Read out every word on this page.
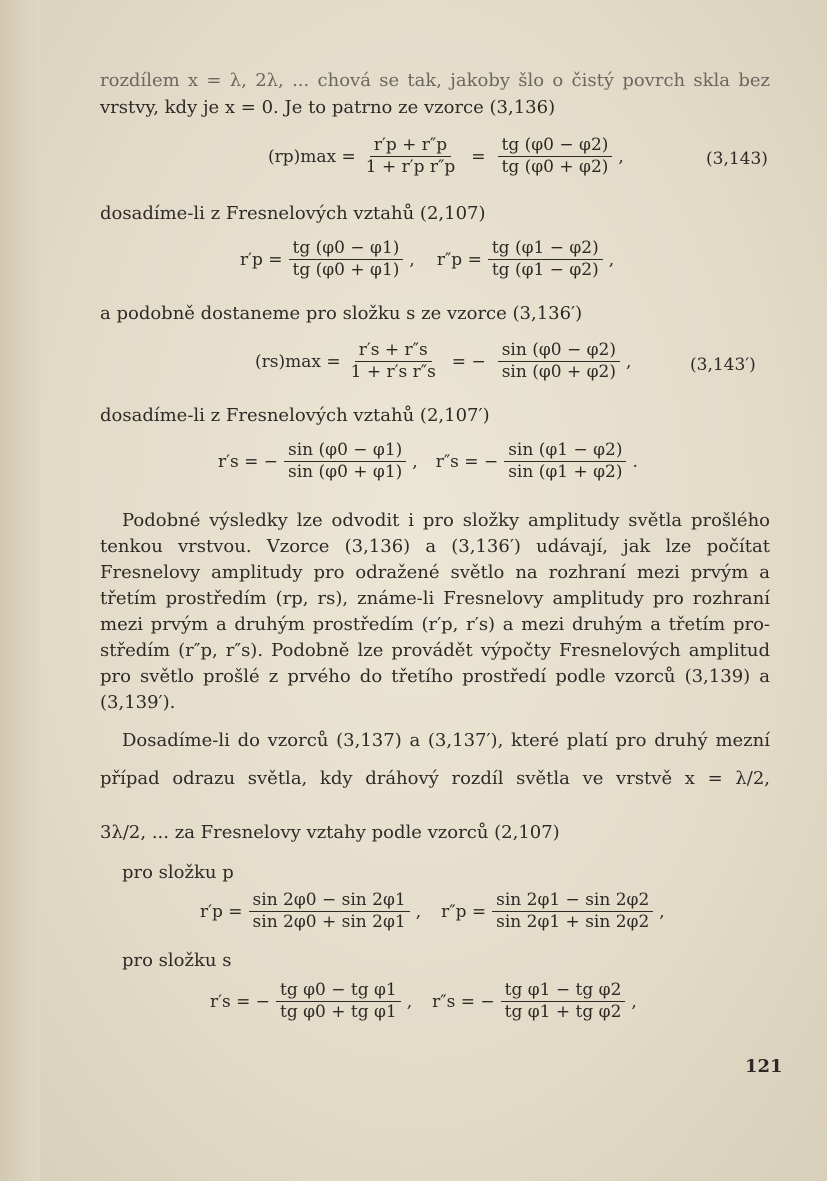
rozdílem x = λ, 2λ, ... chová se tak, jakoby šlo o čistý povrch skla bez
vrstvy, kdy je x = 0. Je to patrno ze vzorce (3,136)
$(rp)\max = \frac{r'p + r''p}{\text{1 + r′p r″p}} = \frac{tg (\varphi 0 - \varphi 2)}{tg (\varphi 0 + \varphi 2)}$ ,	(3,143)
dosadíme-li z Fresnelových vztahů (2,107)
$r'p = \frac{tg (\varphi 0 - \varphi 1)}{tg (\varphi 0 + \varphi 1)}$ , $r''p = \frac{tg (\varphi 1 - \varphi 2)}{tg (\varphi 1 - \varphi 2)}$ ,
a podobně dostaneme pro složku s ze vzorce (3,136′)
$(rs)\max = \frac{r's + r''s}{\text{1 + r′s r″s}}$ = − $\frac{\sin (\varphi 0 - \varphi 2)}{\sin (\varphi 0 + \varphi 2)}$ ,	(3,143′)
dosadíme-li z Fresnelových vztahů (2,107′)
r′s = − $\frac{\sin (\varphi 0 - \varphi 1)}{\sin (\varphi 0 + \varphi 1)}$ , r″s = − $\frac{\sin (\varphi 1 - \varphi 2)}{\sin (\varphi 1 + \varphi 2)}$ .
Podobné výsledky lze odvodit i pro složky amplitudy světla prošlého
tenkou vrstvou. Vzorce (3,136) a (3,136′) udávají, jak lze počítat
Fresnelovy amplitudy pro odražené světlo na rozhraní mezi prvým a
třetím prostředím (rp, rs), známe-li Fresnelovy amplitudy pro rozhraní
mezi prvým a druhým prostředím (r′p, r′s) a mezi druhým a třetím pro-
středím (r″p, r″s). Podobně lze provádět výpočty Fresnelových amplitud
pro světlo prošlé z prvého do třetího prostředí podle vzorců (3,139) a
(3,139′).
Dosadíme-li do vzorců (3,137) a (3,137′), které platí pro druhý mezní
případ odrazu světla, kdy dráhový rozdíl světla ve vrstvě x = λ/2,
3λ/2, ... za Fresnelovy vztahy podle vzorců (2,107)
pro složku p
$r'p = \frac{\sin 2\varphi 0 - \sin 2\varphi 1}{\sin 2\varphi 0 + \sin 2\varphi 1}$ , $r''p = \frac{\sin 2\varphi 1 - \sin 2\varphi 2}{\sin 2\varphi 1 + \sin 2\varphi 2}$ ,
pro složku s
r′s = − $\frac{\text{tg φ0 − tg φ1}}{\text{tg φ0 + tg φ1}}$ , r″s = − $\frac{\text{tg φ1 − tg φ2}}{\text{tg φ1 + tg φ2}}$ ,
121
